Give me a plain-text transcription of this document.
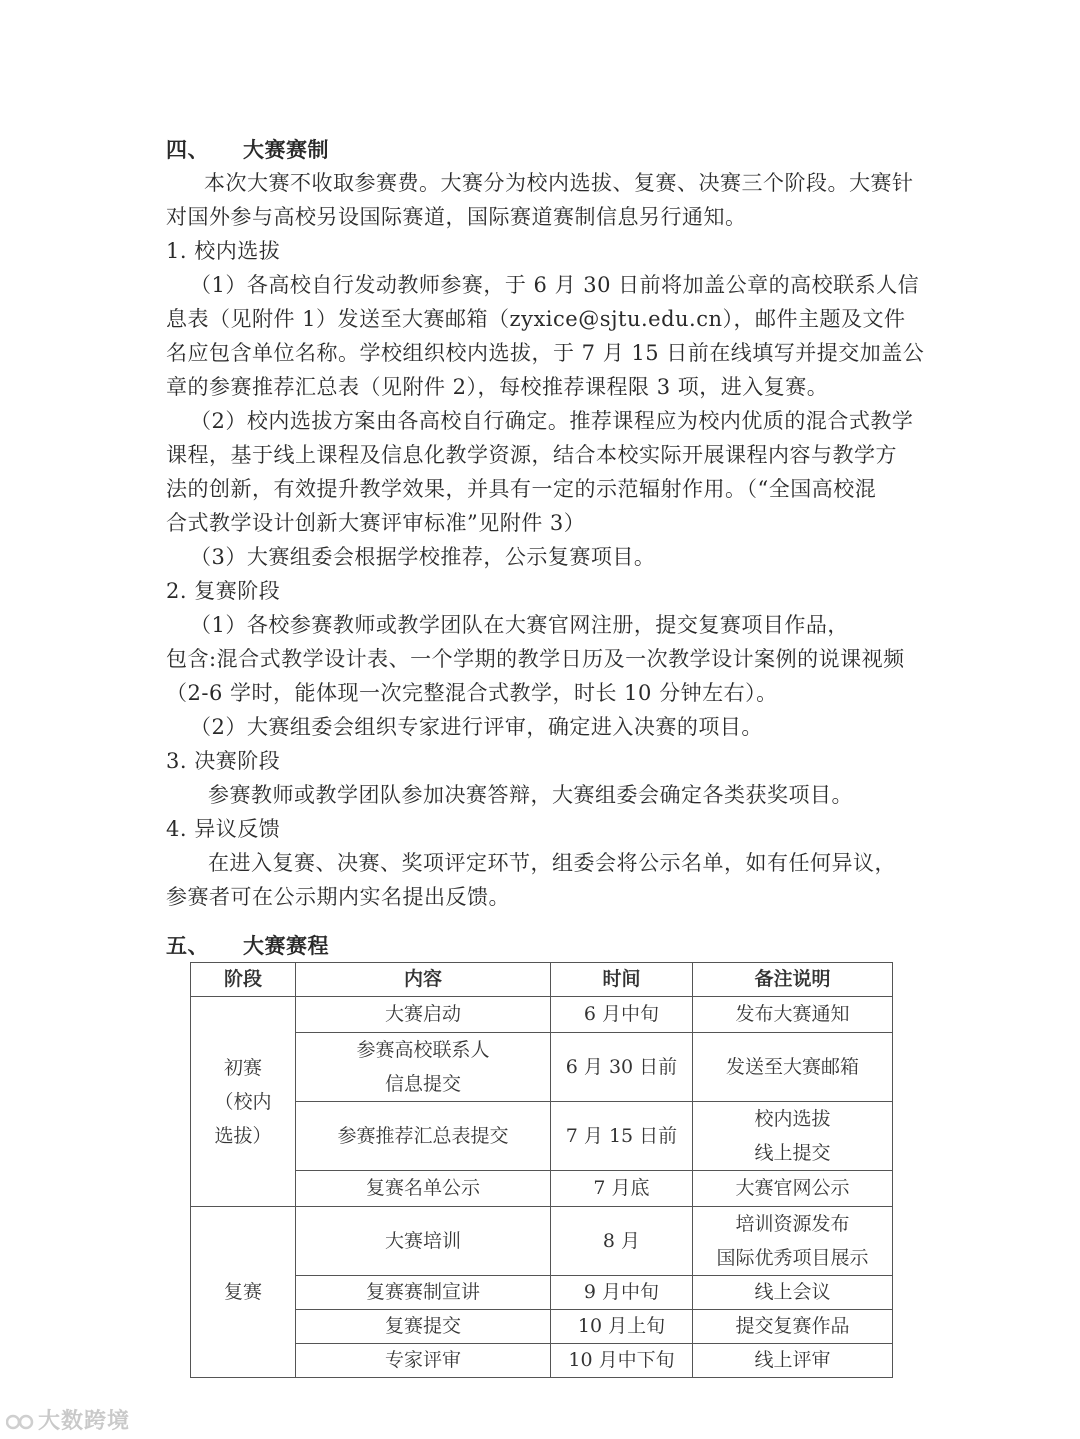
四、 大赛赛制
本次大赛不收取参赛费。大赛分为校内选拔、复赛、决赛三个阶段。大赛针
对国外参与高校另设国际赛道，国际赛道赛制信息另行通知。
1. 校内选拔
（1）各高校自行发动教师参赛，于 6 月 30 日前将加盖公章的高校联系人信
息表（见附件 1）发送至大赛邮箱（zyxice@sjtu.edu.cn），邮件主题及文件
名应包含单位名称。学校组织校内选拔，于 7 月 15 日前在线填写并提交加盖公
章的参赛推荐汇总表（见附件 2），每校推荐课程限 3 项，进入复赛。
（2）校内选拔方案由各高校自行确定。推荐课程应为校内优质的混合式教学
课程，基于线上课程及信息化教学资源，结合本校实际开展课程内容与教学方
法的创新，有效提升教学效果，并具有一定的示范辐射作用。（“全国高校混
合式教学设计创新大赛评审标准”见附件 3）
（3）大赛组委会根据学校推荐，公示复赛项目。
2. 复赛阶段
（1）各校参赛教师或教学团队在大赛官网注册，提交复赛项目作品，
包含:混合式教学设计表、一个学期的教学日历及一次教学设计案例的说课视频
（2-6 学时，能体现一次完整混合式教学，时长 10 分钟左右）。
（2）大赛组委会组织专家进行评审，确定进入决赛的项目。
3. 决赛阶段
参赛教师或教学团队参加决赛答辩，大赛组委会确定各类获奖项目。
4. 异议反馈
在进入复赛、决赛、奖项评定环节，组委会将公示名单，如有任何异议，
参赛者可在公示期内实名提出反馈。
五、 大赛赛程
阶段	内容	时间	备注说明

初赛
（校内
选拔）	大赛启动	6 月中旬	发布大赛通知

	参赛高校联系人
信息提交	6 月 30 日前	发送至大赛邮箱
	参赛推荐汇总表提交	7 月 15 日前	校内选拔
线上提交

	复赛名单公示	7 月底	大赛官网公示
复赛	大赛培训	8 月	培训资源发布
国际优秀项目展示

	复赛赛制宣讲	9 月中旬	线上会议
	复赛提交	10 月上旬	提交复赛作品
	专家评审	10 月中下旬	线上评审
大数跨境
